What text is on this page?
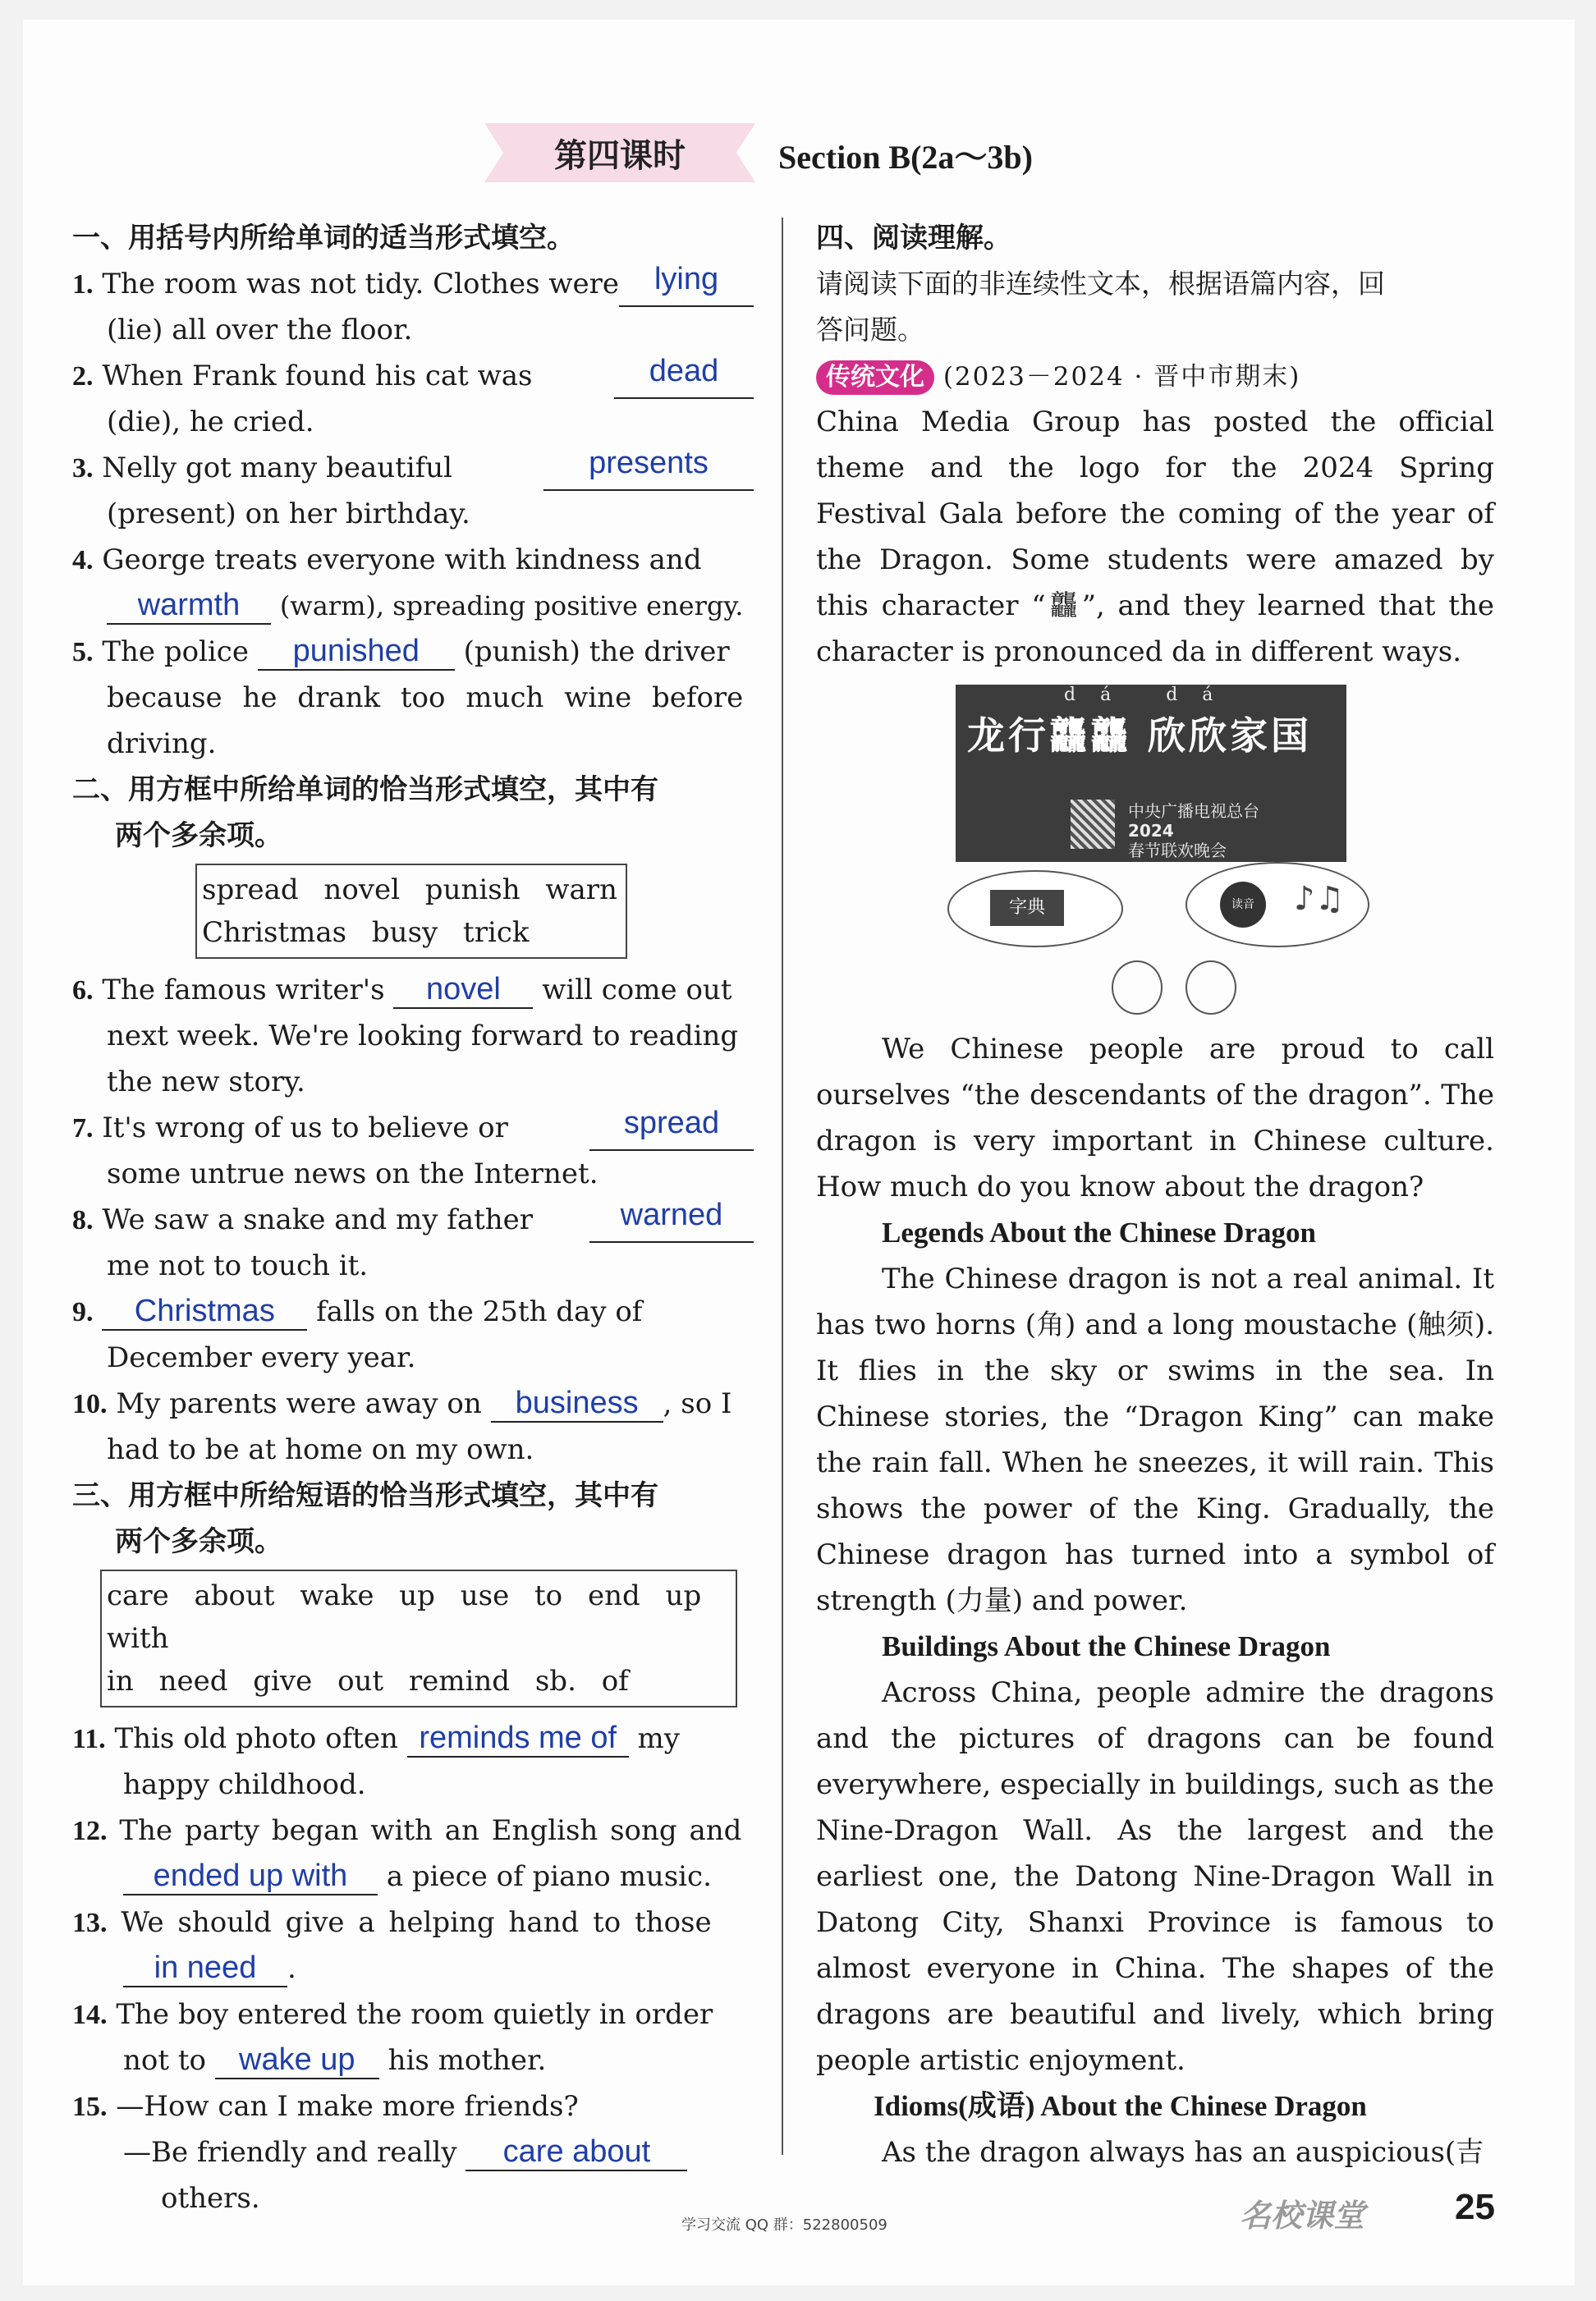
第四课时	Section B(2a～3b)
一、用括号内所给单词的适当形式填空。
1. The room was not tidy. Clothes were	lying
(lie) all over the floor.
2. When Frank found his cat was	dead
(die), he cried.
3. Nelly got many beautiful	presents
(present) on her birthday.
4. George treats everyone with kindness and
warmth (warm), spreading positive energy.
5. The police punished (punish) the driver
because he drank too much wine before
driving.
二、用方框中所给单词的恰当形式填空，其中有
两个多余项。
spread novel punish warn
Christmas busy trick
6. The famous writer's novel will come out
next week. We're looking forward to reading
the new story.
7. It's wrong of us to believe or	spread
some untrue news on the Internet.
8. We saw a snake and my father	warned
me not to touch it.
9. Christmas falls on the 25th day of
December every year.
10. My parents were away on business , so I
had to be at home on my own.
三、用方框中所给短语的恰当形式填空，其中有
两个多余项。
care about wake up use to end up with
in need give out remind sb. of
11. This old photo often reminds me of my
happy childhood.
12. The party began with an English song and
ended up with a piece of piano music.
13. We should give a helping hand to those
in need .
14. The boy entered the room quietly in order
not to wake up his mother.
15. —How can I make more friends?
—Be friendly and really care about
others.
四、阅读理解。
请阅读下面的非连续性文本，根据语篇内容，回
答问题。
传统文化 (2023－2024 · 晋中市期末)

China Media Group has posted the official theme and the logo for the 2024 Spring Festival Gala before the coming of the year of the Dragon. Some students were amazed by this character “龘”, and they learned that the character is pronounced da in different ways.

dá dá
龙行龘龘 欣欣家国
中央广播电视总台
2024
春节联欢晚会
字典	读音	♪♫

We Chinese people are proud to call ourselves “the descendants of the dragon”. The dragon is very important in Chinese culture. How much do you know about the dragon?

Legends About the Chinese Dragon

The Chinese dragon is not a real animal. It has two horns (角) and a long moustache (触须). It flies in the sky or swims in the sea. In Chinese stories, the “Dragon King” can make the rain fall. When he sneezes, it will rain. This shows the power of the King. Gradually, the Chinese dragon has turned into a symbol of strength (力量) and power.

Buildings About the Chinese Dragon

Across China, people admire the dragons and the pictures of dragons can be found everywhere, especially in buildings, such as the Nine-Dragon Wall. As the largest and the earliest one, the Datong Nine-Dragon Wall in Datong City, Shanxi Province is famous to almost everyone in China. The shapes of the dragons are beautiful and lively, which bring people artistic enjoyment.

Idioms(成语) About the Chinese Dragon

As the dragon always has an auspicious(吉

学习交流 QQ 群：522800509	名校课堂 25
